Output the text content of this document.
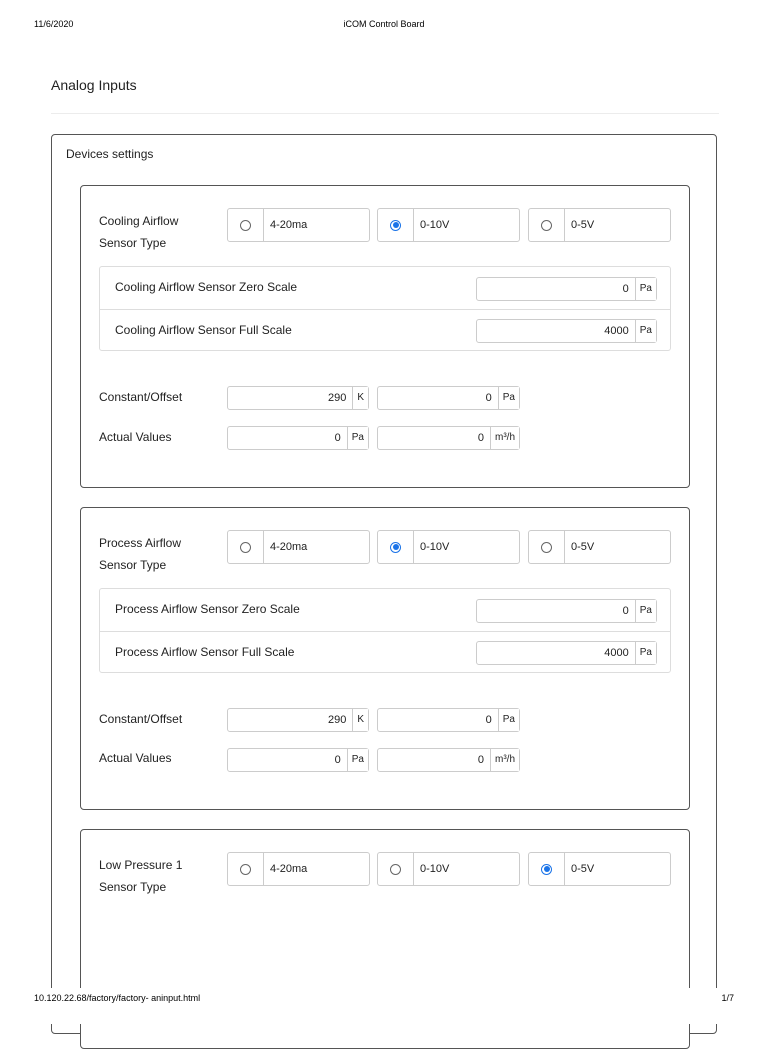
11/6/2020	iCOM Control Board
Analog Inputs
Devices settings
Cooling Airflow Sensor Type
4-20ma	0-10V	0-5V
Cooling Airflow Sensor Zero Scale	0	Pa
Cooling Airflow Sensor Full Scale	4000	Pa
Constant/Offset	290	K	0	Pa
Actual Values	0	Pa	0	m³/h
Process Airflow Sensor Type
4-20ma	0-10V	0-5V
Process Airflow Sensor Zero Scale	0	Pa
Process Airflow Sensor Full Scale	4000	Pa
Constant/Offset	290	K	0	Pa
Actual Values	0	Pa	0	m³/h
Low Pressure 1 Sensor Type
4-20ma	0-10V	0-5V
10.120.22.68/factory/factory- aninput.html	1/7
